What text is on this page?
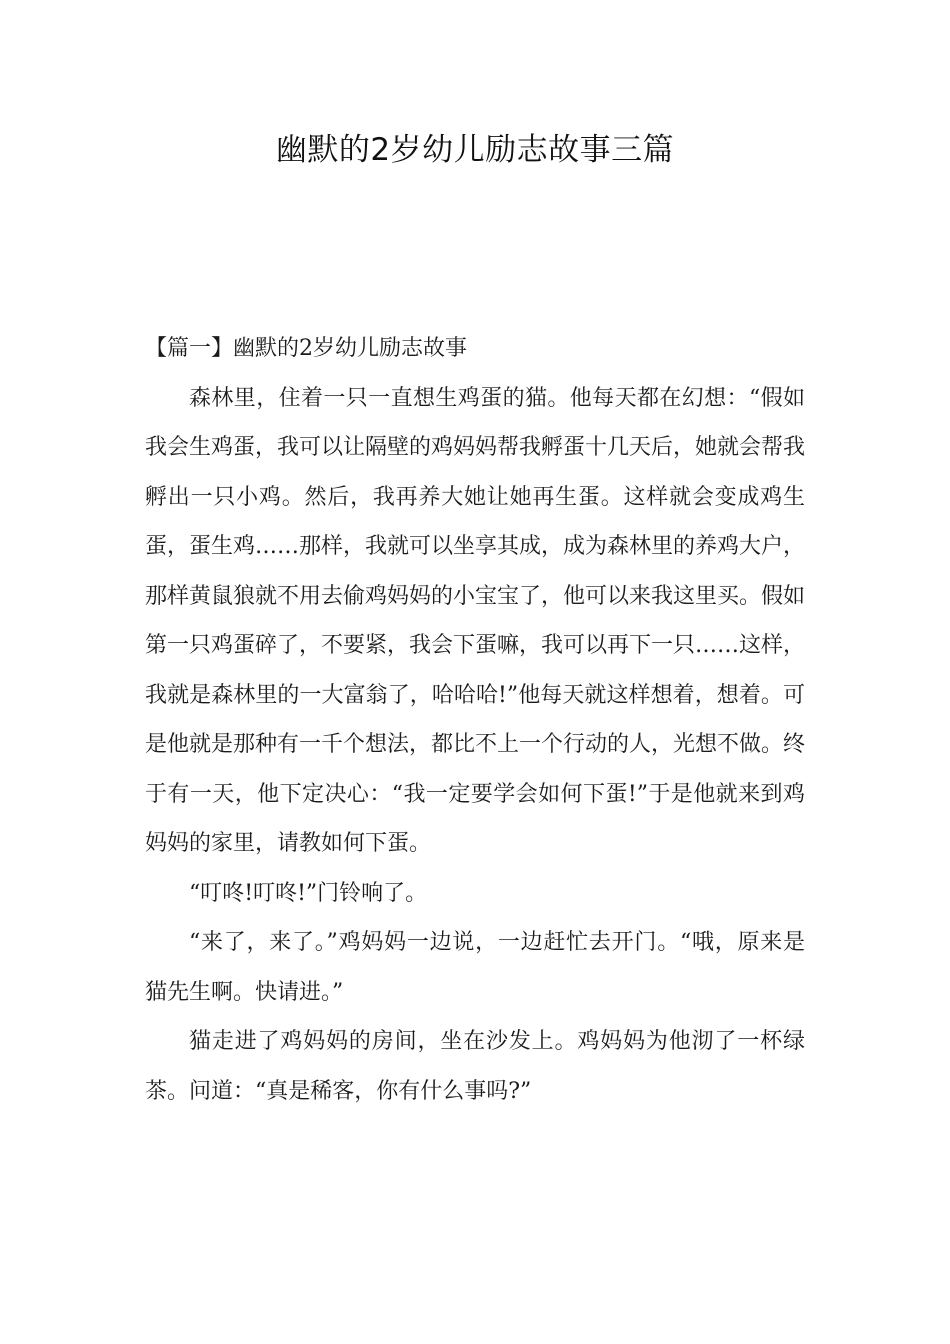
幽默的2岁幼儿励志故事三篇

【篇一】幽默的2岁幼儿励志故事

森林里，住着一只一直想生鸡蛋的猫。他每天都在幻想：“假如我会生鸡蛋，我可以让隔壁的鸡妈妈帮我孵蛋十几天后，她就会帮我孵出一只小鸡。然后，我再养大她让她再生蛋。这样就会变成鸡生蛋，蛋生鸡……那样，我就可以坐享其成，成为森林里的养鸡大户，那样黄鼠狼就不用去偷鸡妈妈的小宝宝了，他可以来我这里买。假如第一只鸡蛋碎了，不要紧，我会下蛋嘛，我可以再下一只……这样，我就是森林里的一大富翁了，哈哈哈!”他每天就这样想着，想着。可是他就是那种有一千个想法，都比不上一个行动的人，光想不做。终于有一天，他下定决心：“我一定要学会如何下蛋!”于是他就来到鸡妈妈的家里，请教如何下蛋。

“叮咚!叮咚!”门铃响了。

“来了，来了。”鸡妈妈一边说，一边赶忙去开门。“哦，原来是猫先生啊。快请进。”

猫走进了鸡妈妈的房间，坐在沙发上。鸡妈妈为他沏了一杯绿茶。问道：“真是稀客，你有什么事吗?”
